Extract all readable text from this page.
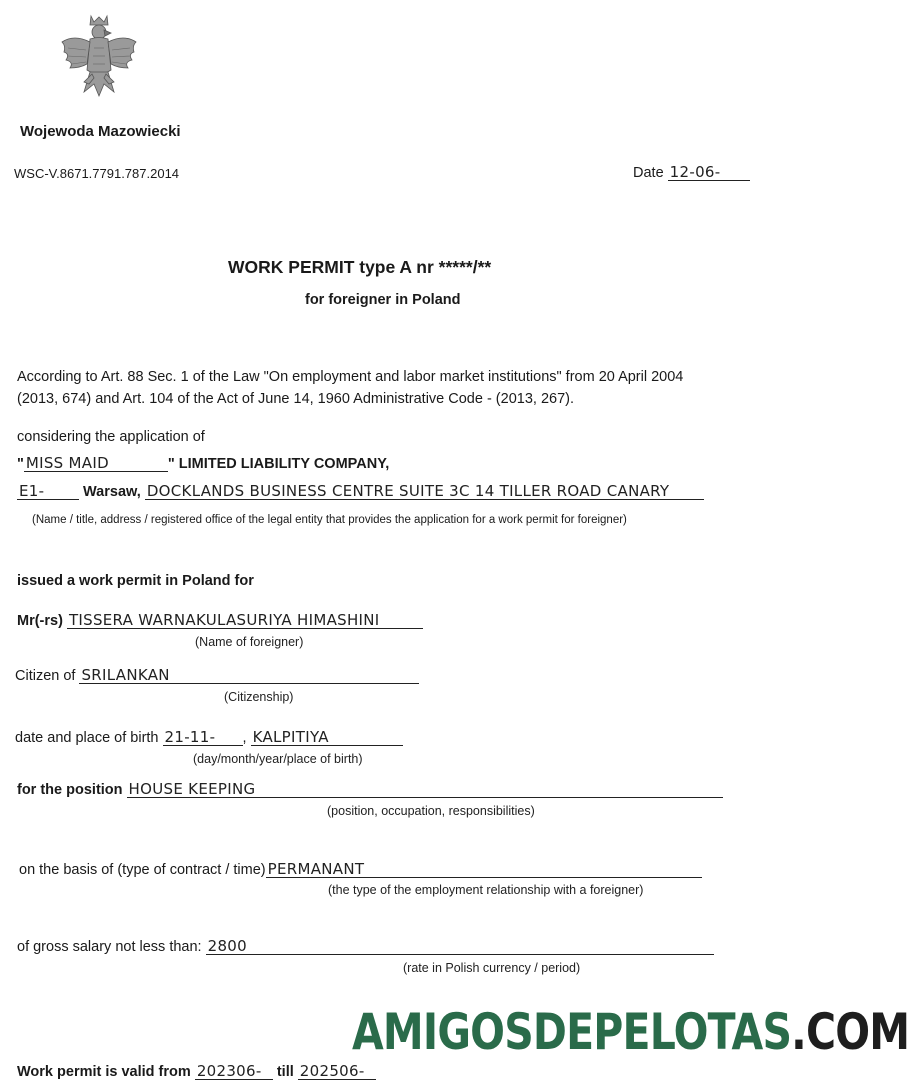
Wojewoda Mazowiecki
WSC-V.8671.7791.787.2014	Date 12-06-
WORK PERMIT type A nr *****/**
for foreigner in Poland
According to Art. 88 Sec. 1 of the Law "On employment and labor market institutions" from 20 April 2004
(2013, 674) and Art. 104 of the Act of June 14, 1960 Administrative Code - (2013, 267).
considering the application of
" MISS MAID	" LIMITED LIABILITY COMPANY,
E1-	Warsaw, DOCKLANDS BUSINESS CENTRE SUITE 3C 14 TILLER ROAD CANARY
(Name / title, address / registered office of the legal entity that provides the application for a work permit for foreigner)
issued a work permit in Poland for
Mr(-rs) TISSERA WARNAKULASURIYA HIMASHINI
(Name of foreigner)
Citizen of SRILANKAN
(Citizenship)
date and place of birth 21-11- , KALPITIYA
(day/month/year/place of birth)
for the position HOUSE KEEPING
(position, occupation, responsibilities)
on the basis of (type of contract / time) PERMANANT
(the type of the employment relationship with a foreigner)
of gross salary not less than: 2800
(rate in Polish currency / period)
Work permit is valid from 202306- till 202506-
AMIGOSDEPELOTAS.COM
